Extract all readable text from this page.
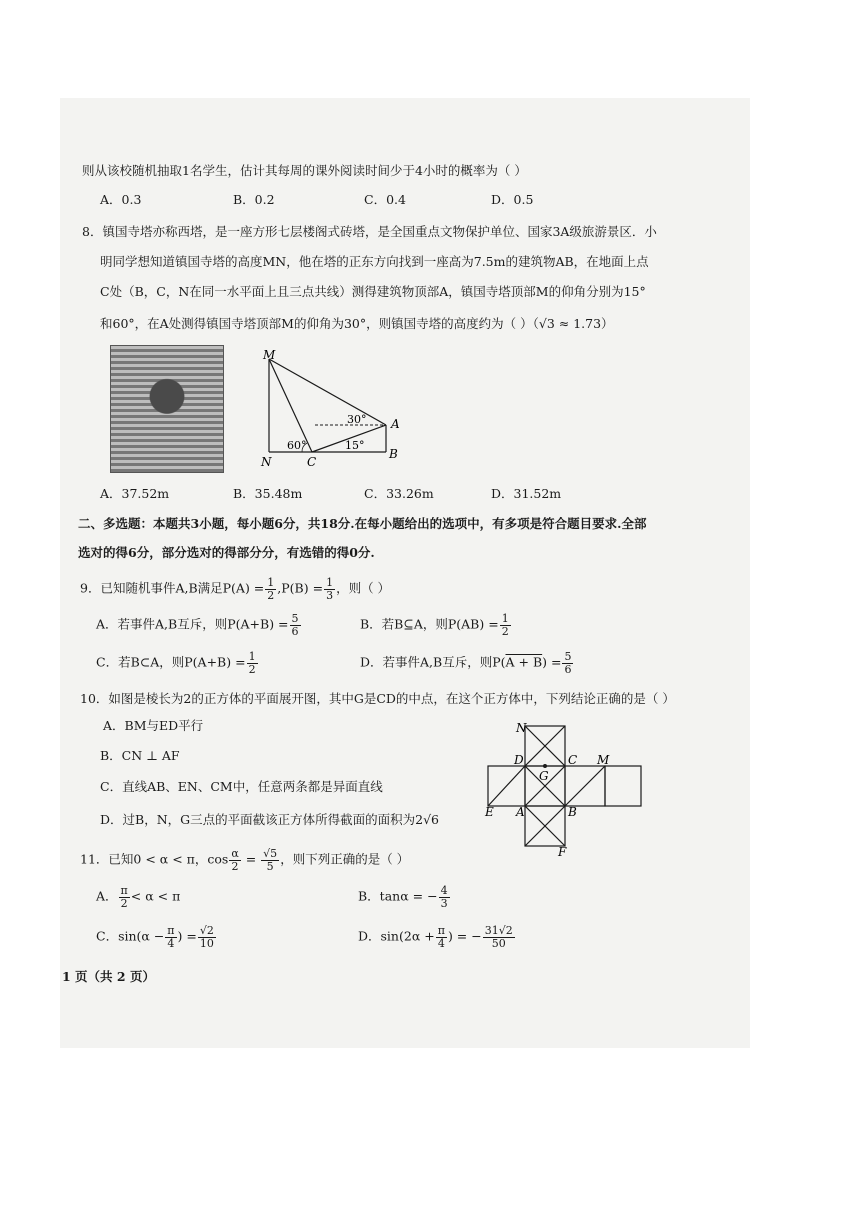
则从该校随机抽取1名学生，估计其每周的课外阅读时间少于4小时的概率为（ ）
A．0.3	B．0.2	C．0.4	D．0.5
8．镇国寺塔亦称西塔，是一座方形七层楼阁式砖塔，是全国重点文物保护单位、国家3A级旅游景区．小
明同学想知道镇国寺塔的高度MN，他在塔的正东方向找到一座高为7.5m的建筑物AB，在地面上点
C处（B，C，N在同一水平面上且三点共线）测得建筑物顶部A，镇国寺塔顶部M的仰角分别为15°
和60°，在A处测得镇国寺塔顶部M的仰角为30°，则镇国寺塔的高度约为（ ）（√3 ≈ 1.73）
M
N	C
A
B
60°
30°
15°
A．37.52m	B．35.48m	C．33.26m	D．31.52m
二、多选题：本题共3小题，每小题6分，共18分.在每小题给出的选项中，有多项是符合题目要求.全部
选对的得6分，部分选对的得部分分，有选错的得0分.
9．已知随机事件A,B满足$P(A) = \frac{1}{2} ,P(B) = \frac{1}{3}$ ，则（ ）
A．若事件A,B互斥，则$P(A+B) = \frac{5}{6}$	B．若B⊆A，则$P(AB) = \frac{1}{2}$
C．若B⊂A，则$P(A+B) = \frac{1}{2}$	D．若事件A,B互斥，则$P(A + B) = \frac{5}{6}$
10．如图是棱长为2的正方体的平面展开图，其中G是CD的中点，在这个正方体中，下列结论正确的是（ ）
A．BM与ED平行
B．CN ⊥ AF
C．直线AB、EN、CM中，任意两条都是异面直线
D．过B，N，G三点的平面截该正方体所得截面的面积为2√6
N
D	C M
G
E A	B
F
11．已知0 < α < π，$\cos \frac{\alpha}{2} = \frac{√5}{5}$ ，则下列正确的是（ ）
A． $\frac{\pi}{2} < \alpha < \pi$	B．tanα = − $\frac{4}{3}$
C．$\sin(\alpha - \frac{\pi}{4}$ ) = $\frac{√2}{10}$	D．$\sin(2\alpha + \frac{\pi}{4}$ ) = − $\frac{31√2}{50}$
1 页（共 2 页）
